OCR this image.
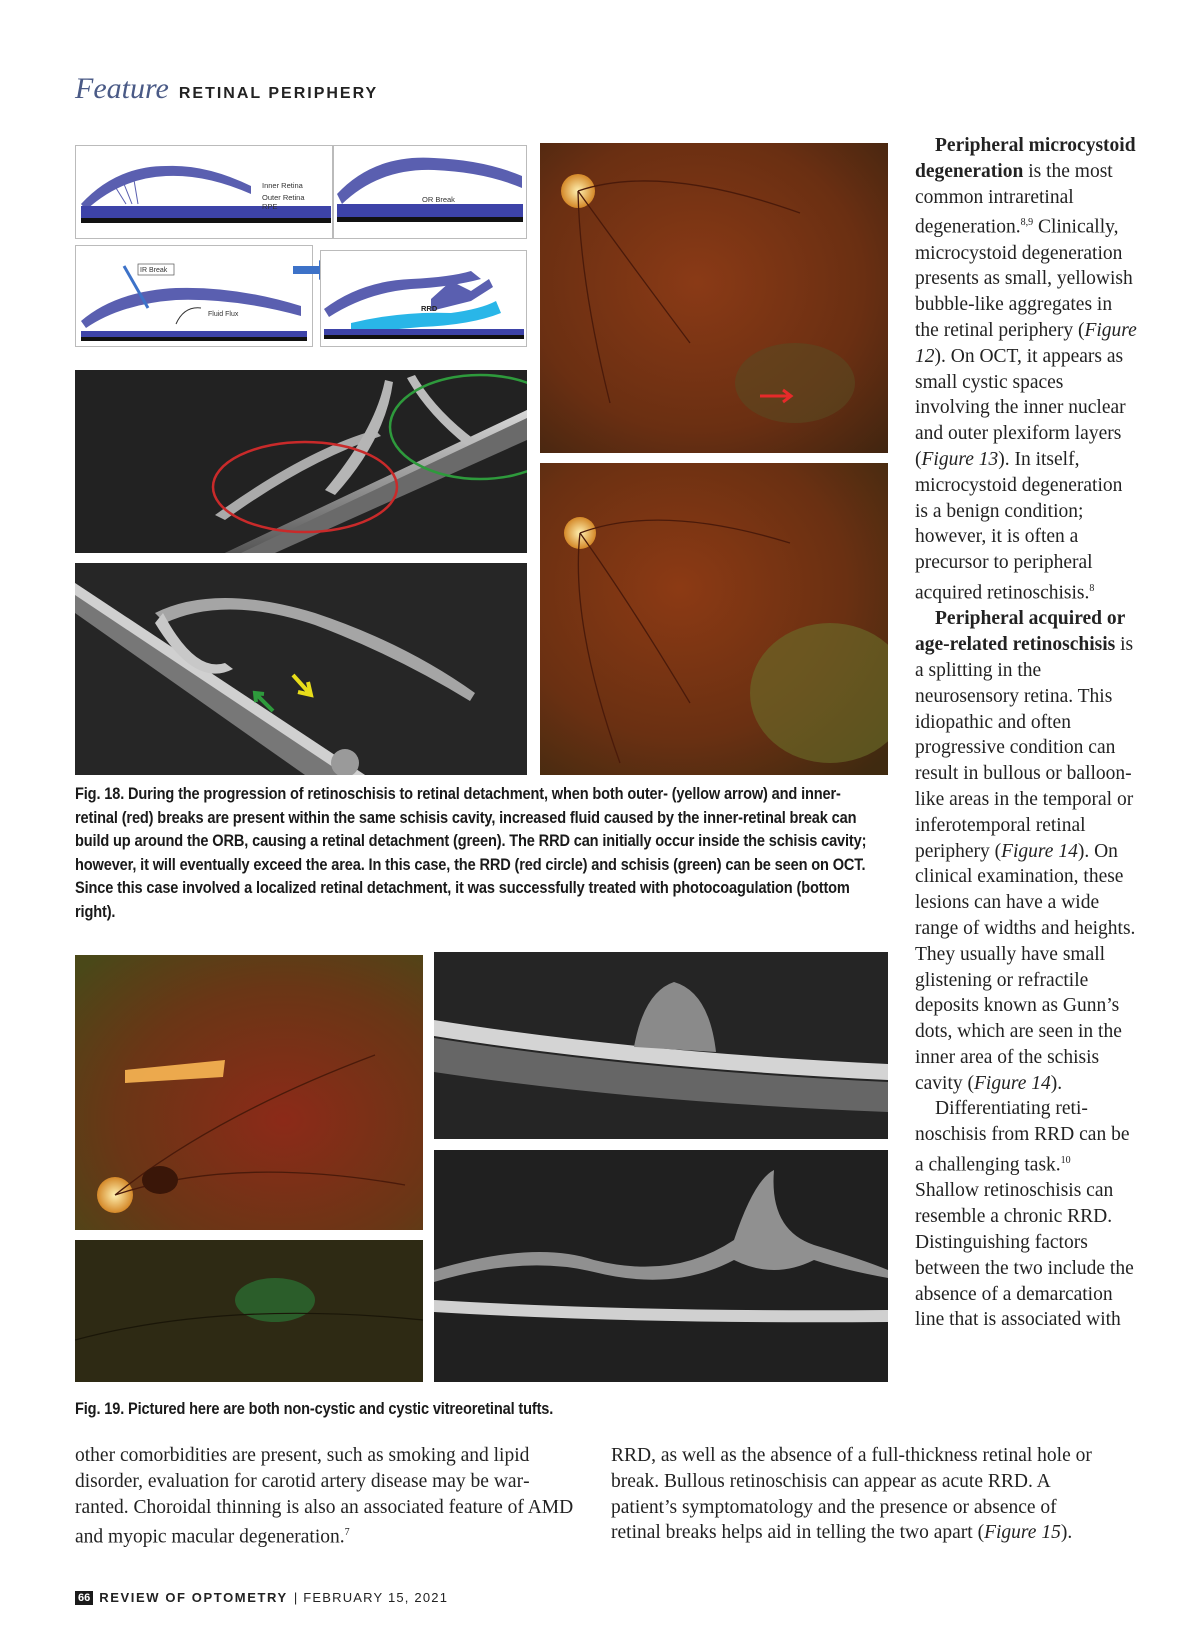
Feature RETINAL PERIPHERY
Inner Retina
Outer Retina
RPE
OR Break
IR Break
Fluid Flux
RRD
Fig. 18. During the progression of retinoschisis to retinal detachment, when both outer- (yellow arrow) and inner-retinal (red) breaks are present within the same schisis cavity, increased fluid caused by the inner-retinal break can build up around the ORB, causing a retinal detachment (green). The RRD can initially occur inside the schisis cavity; however, it will eventually exceed the area. In this case, the RRD (red circle) and schisis (green) can be seen on OCT. Since this case involved a localized retinal detachment, it was successfully treated with photocoagulation (bottom right).
Fig. 19. Pictured here are both non-cystic and cystic vitreoretinal tufts.

Peripheral microcystoid degeneration is the most common intraretinal degeneration.$^{8,9}$ Clinically, microcystoid degeneration presents as small, yellowish bubble-like aggregates in the retinal periphery (Figure 12). On OCT, it appears as small cystic spaces involving the inner nuclear and outer plexiform layers (Figure 13). In itself, microcystoid degeneration is a benign condition; however, it is often a precursor to peripheral acquired retinoschisis.$^8$

Peripheral acquired or age-related retinoschisis is a splitting in the neurosensory retina. This idiopathic and often progressive condition can result in bullous or balloon-like areas in the temporal or inferotemporal retinal periphery (Figure 14). On clinical examination, these lesions can have a wide range of widths and heights. They usually have small glistening or refractile deposits known as Gunn’s dots, which are seen in the inner area of the schisis cavity (Figure 14).

Differentiating retinoschisis from RRD can be a challenging task.$^{10}$ Shallow retinoschisis can resemble a chronic RRD. Distinguishing factors between the two include the absence of a demarcation line that is associated with

other comorbidities are present, such as smoking and lipid disorder, evaluation for carotid artery disease may be warranted. Choroidal thinning is also an associated feature of AMD and myopic macular degeneration.$^7$
RRD, as well as the absence of a full-thickness retinal hole or break. Bullous retinoschisis can appear as acute RRD. A patient’s symptomatology and the presence or absence of retinal breaks helps aid in telling the two apart (Figure 15).
66 REVIEW OF OPTOMETRY | FEBRUARY 15, 2021
